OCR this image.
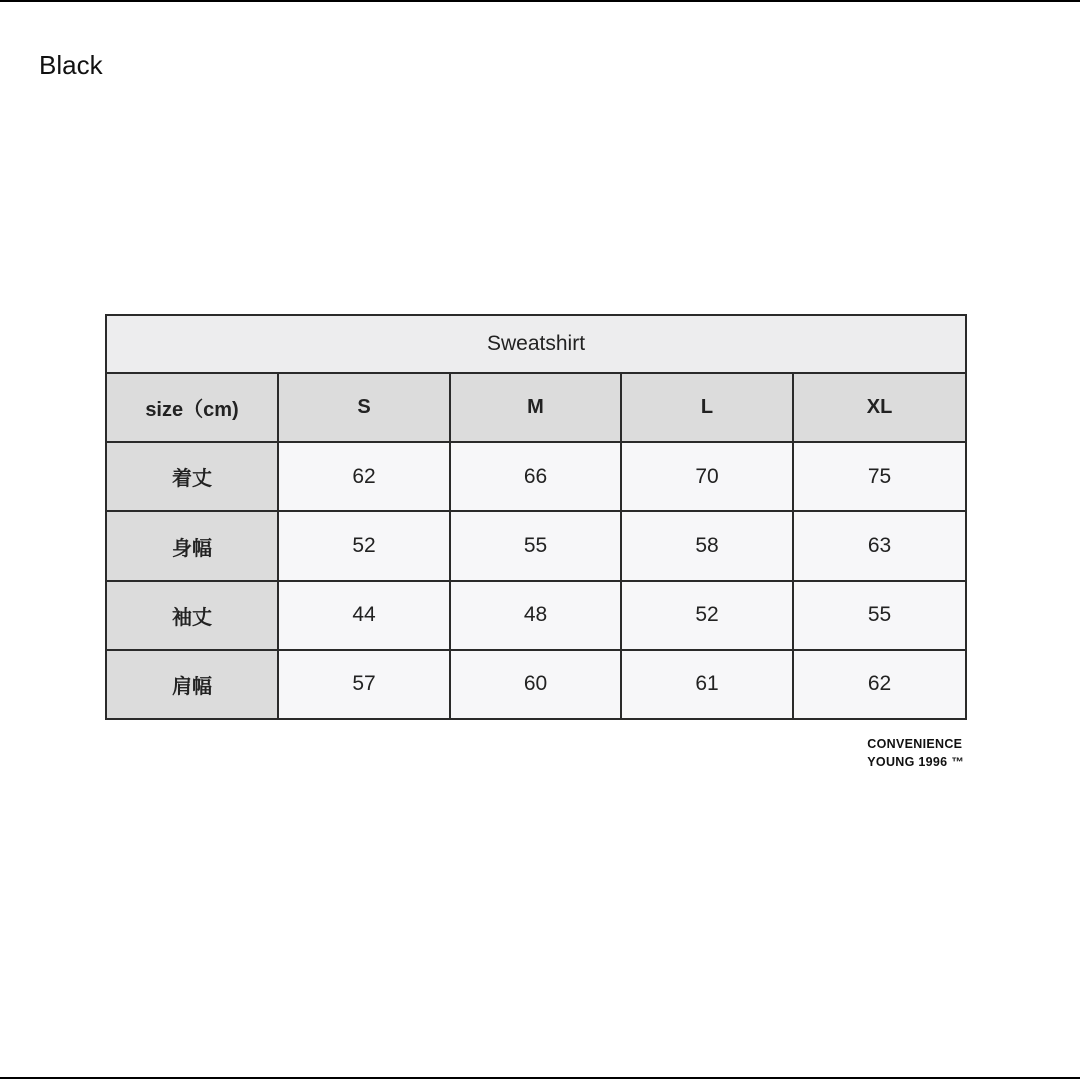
Black
Sweatshirt				
size（cm)	S	M	L	XL
着丈	62	66	70	75
身幅	52	55	58	63
袖丈	44	48	52	55
肩幅	57	60	61	62
CONVENIENCE
YOUNG 1996 ™
